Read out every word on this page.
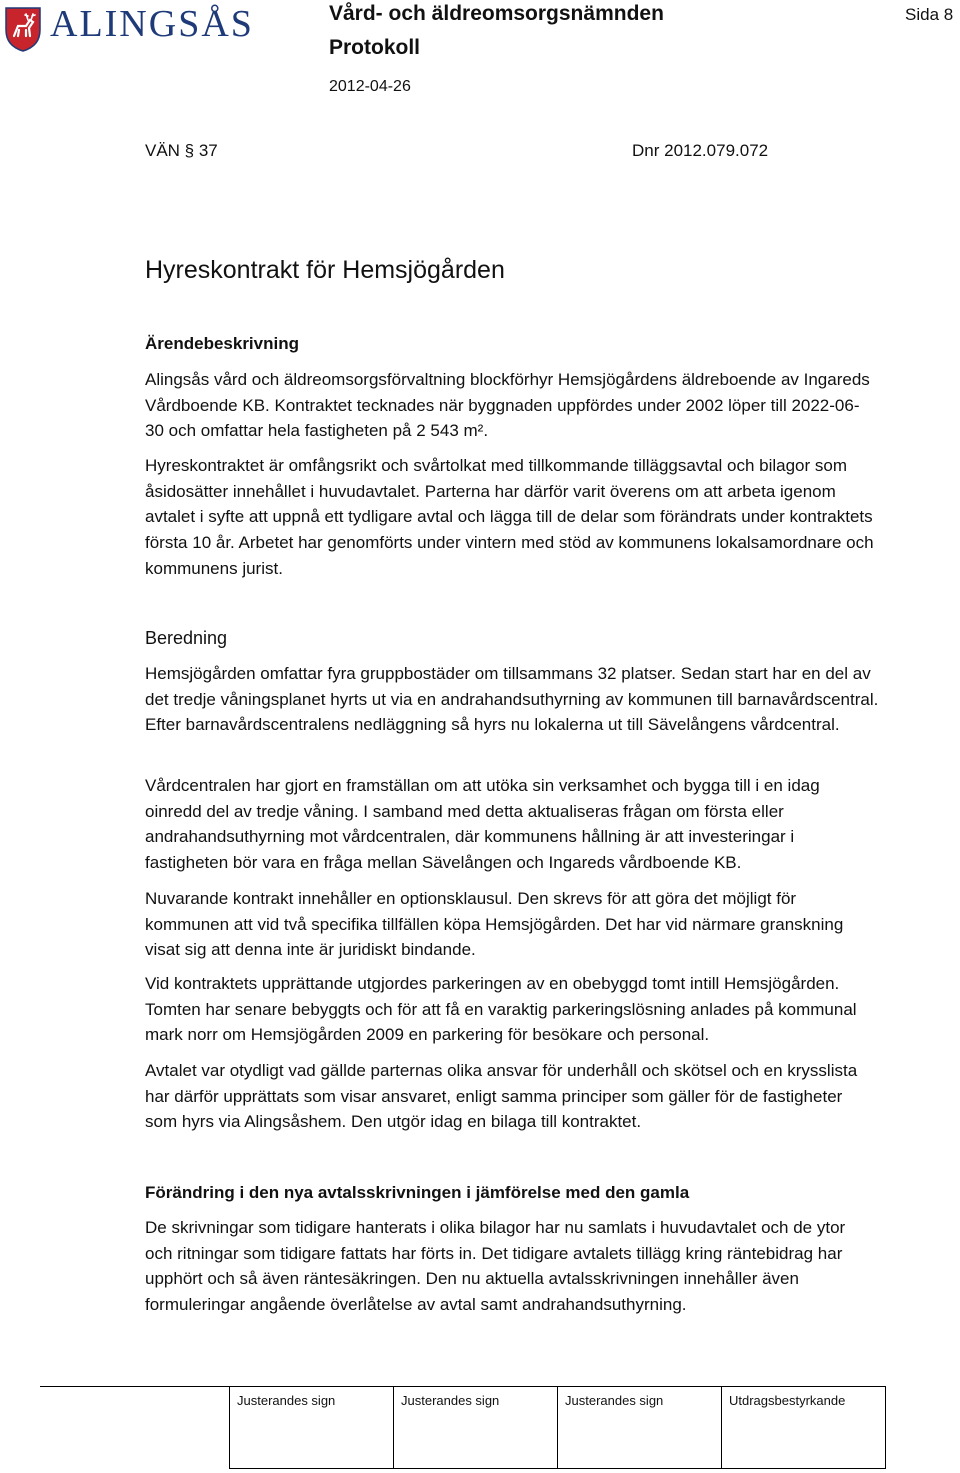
ALINGSÅS	Vård- och äldreomsorgsnämnden
Protokoll
2012-04-26
Sida 8
VÄN § 37	Dnr 2012.079.072
Hyreskontrakt för Hemsjögården
Ärendebeskrivning

Alingsås vård och äldreomsorgsförvaltning blockförhyr Hemsjögårdens äldreboende av Ingareds Vårdboende KB. Kontraktet tecknades när byggnaden uppfördes under 2002 löper till 2022-06-30 och omfattar hela fastigheten på 2 543 m².

Hyreskontraktet är omfångsrikt och svårtolkat med tillkommande tilläggsavtal och bilagor som åsidosätter innehållet i huvudavtalet. Parterna har därför varit överens om att arbeta igenom avtalet i syfte att uppnå ett tydligare avtal och lägga till de delar som förändrats under kontraktets första 10 år. Arbetet har genomförts under vintern med stöd av kommunens lokalsamordnare och kommunens jurist.

Beredning

Hemsjögården omfattar fyra gruppbostäder om tillsammans 32 platser. Sedan start har en del av det tredje våningsplanet hyrts ut via en andrahandsuthyrning av kommunen till barnavårdscentral. Efter barnavårdscentralens nedläggning så hyrs nu lokalerna ut till Sävelångens vårdcentral.

Vårdcentralen har gjort en framställan om att utöka sin verksamhet och bygga till i en idag oinredd del av tredje våning. I samband med detta aktualiseras frågan om första eller andrahandsuthyrning mot vårdcentralen, där kommunens hållning är att investeringar i fastigheten bör vara en fråga mellan Sävelången och Ingareds vårdboende KB.

Nuvarande kontrakt innehåller en optionsklausul. Den skrevs för att göra det möjligt för kommunen att vid två specifika tillfällen köpa Hemsjögården. Det har vid närmare granskning visat sig att denna inte är juridiskt bindande.

Vid kontraktets upprättande utgjordes parkeringen av en obebyggd tomt intill Hemsjögården. Tomten har senare bebyggts och för att få en varaktig parkeringslösning anlades på kommunal mark norr om Hemsjögården 2009 en parkering för besökare och personal.

Avtalet var otydligt vad gällde parternas olika ansvar för underhåll och skötsel och en krysslista har därför upprättats som visar ansvaret, enligt samma principer som gäller för de fastigheter som hyrs via Alingsåshem. Den utgör idag en bilaga till kontraktet.

Förändring i den nya avtalsskrivningen i jämförelse med den gamla

De skrivningar som tidigare hanterats i olika bilagor har nu samlats i huvudavtalet och de ytor och ritningar som tidigare fattats har förts in. Det tidigare avtalets tillägg kring räntebidrag har upphört och så även räntesäkringen. Den nu aktuella avtalsskrivningen innehåller även formuleringar angående överlåtelse av avtal samt andrahandsuthyrning.

Justerandes sign	Justerandes sign	Justerandes sign	Utdragsbestyrkande
